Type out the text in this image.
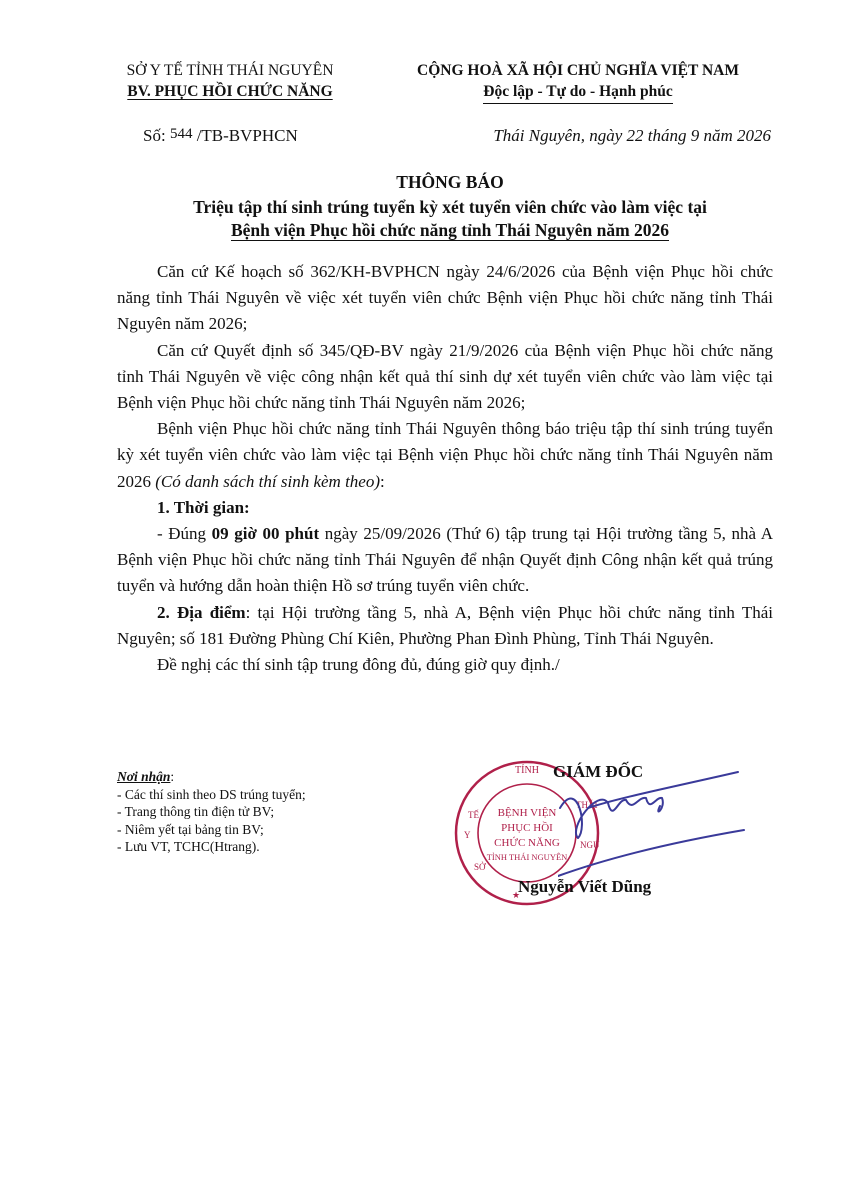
SỞ Y TẾ TỈNH THÁI NGUYÊN
BV. PHỤC HỒI CHỨC NĂNG
CỘNG HOÀ XÃ HỘI CHỦ NGHĨA VIỆT NAM
Độc lập - Tự do - Hạnh phúc
Số: 544 /TB-BVPHCN	Thái Nguyên, ngày 22 tháng 9 năm 2026
THÔNG BÁO
Triệu tập thí sinh trúng tuyển kỳ xét tuyển viên chức vào làm việc tại
Bệnh viện Phục hồi chức năng tỉnh Thái Nguyên năm 2026

Căn cứ Kế hoạch số 362/KH-BVPHCN ngày 24/6/2026 của Bệnh viện Phục hồi chức năng tỉnh Thái Nguyên về việc xét tuyển viên chức Bệnh viện Phục hồi chức năng tỉnh Thái Nguyên năm 2026;

Căn cứ Quyết định số 345/QĐ-BV ngày 21/9/2026 của Bệnh viện Phục hồi chức năng tỉnh Thái Nguyên về việc công nhận kết quả thí sinh dự xét tuyển viên chức vào làm việc tại Bệnh viện Phục hồi chức năng tỉnh Thái Nguyên năm 2026;

Bệnh viện Phục hồi chức năng tỉnh Thái Nguyên thông báo triệu tập thí sinh trúng tuyển kỳ xét tuyển viên chức vào làm việc tại Bệnh viện Phục hồi chức năng tỉnh Thái Nguyên năm 2026 (Có danh sách thí sinh kèm theo):

1. Thời gian:

- Đúng 09 giờ 00 phút ngày 25/09/2026 (Thứ 6) tập trung tại Hội trường tầng 5, nhà A Bệnh viện Phục hồi chức năng tỉnh Thái Nguyên để nhận Quyết định Công nhận kết quả trúng tuyển và hướng dẫn hoàn thiện Hồ sơ trúng tuyển viên chức.

2. Địa điểm: tại Hội trường tầng 5, nhà A, Bệnh viện Phục hồi chức năng tỉnh Thái Nguyên; số 181 Đường Phùng Chí Kiên, Phường Phan Đình Phùng, Tỉnh Thái Nguyên.

Đề nghị các thí sinh tập trung đông đủ, đúng giờ quy định./

Nơi nhận:
- Các thí sinh theo DS trúng tuyển;
- Trang thông tin điện tử BV;
- Niêm yết tại bảng tin BV;
- Lưu VT, TCHC(Htrang).
TỈNH
BỆNH VIỆN
PHỤC HỒI
CHỨC NĂNG
TỈNH THÁI NGUYÊN
TẾ
Y
SỞ
THÁI
NGU
★
GIÁM ĐỐC
Nguyễn Viết Dũng
